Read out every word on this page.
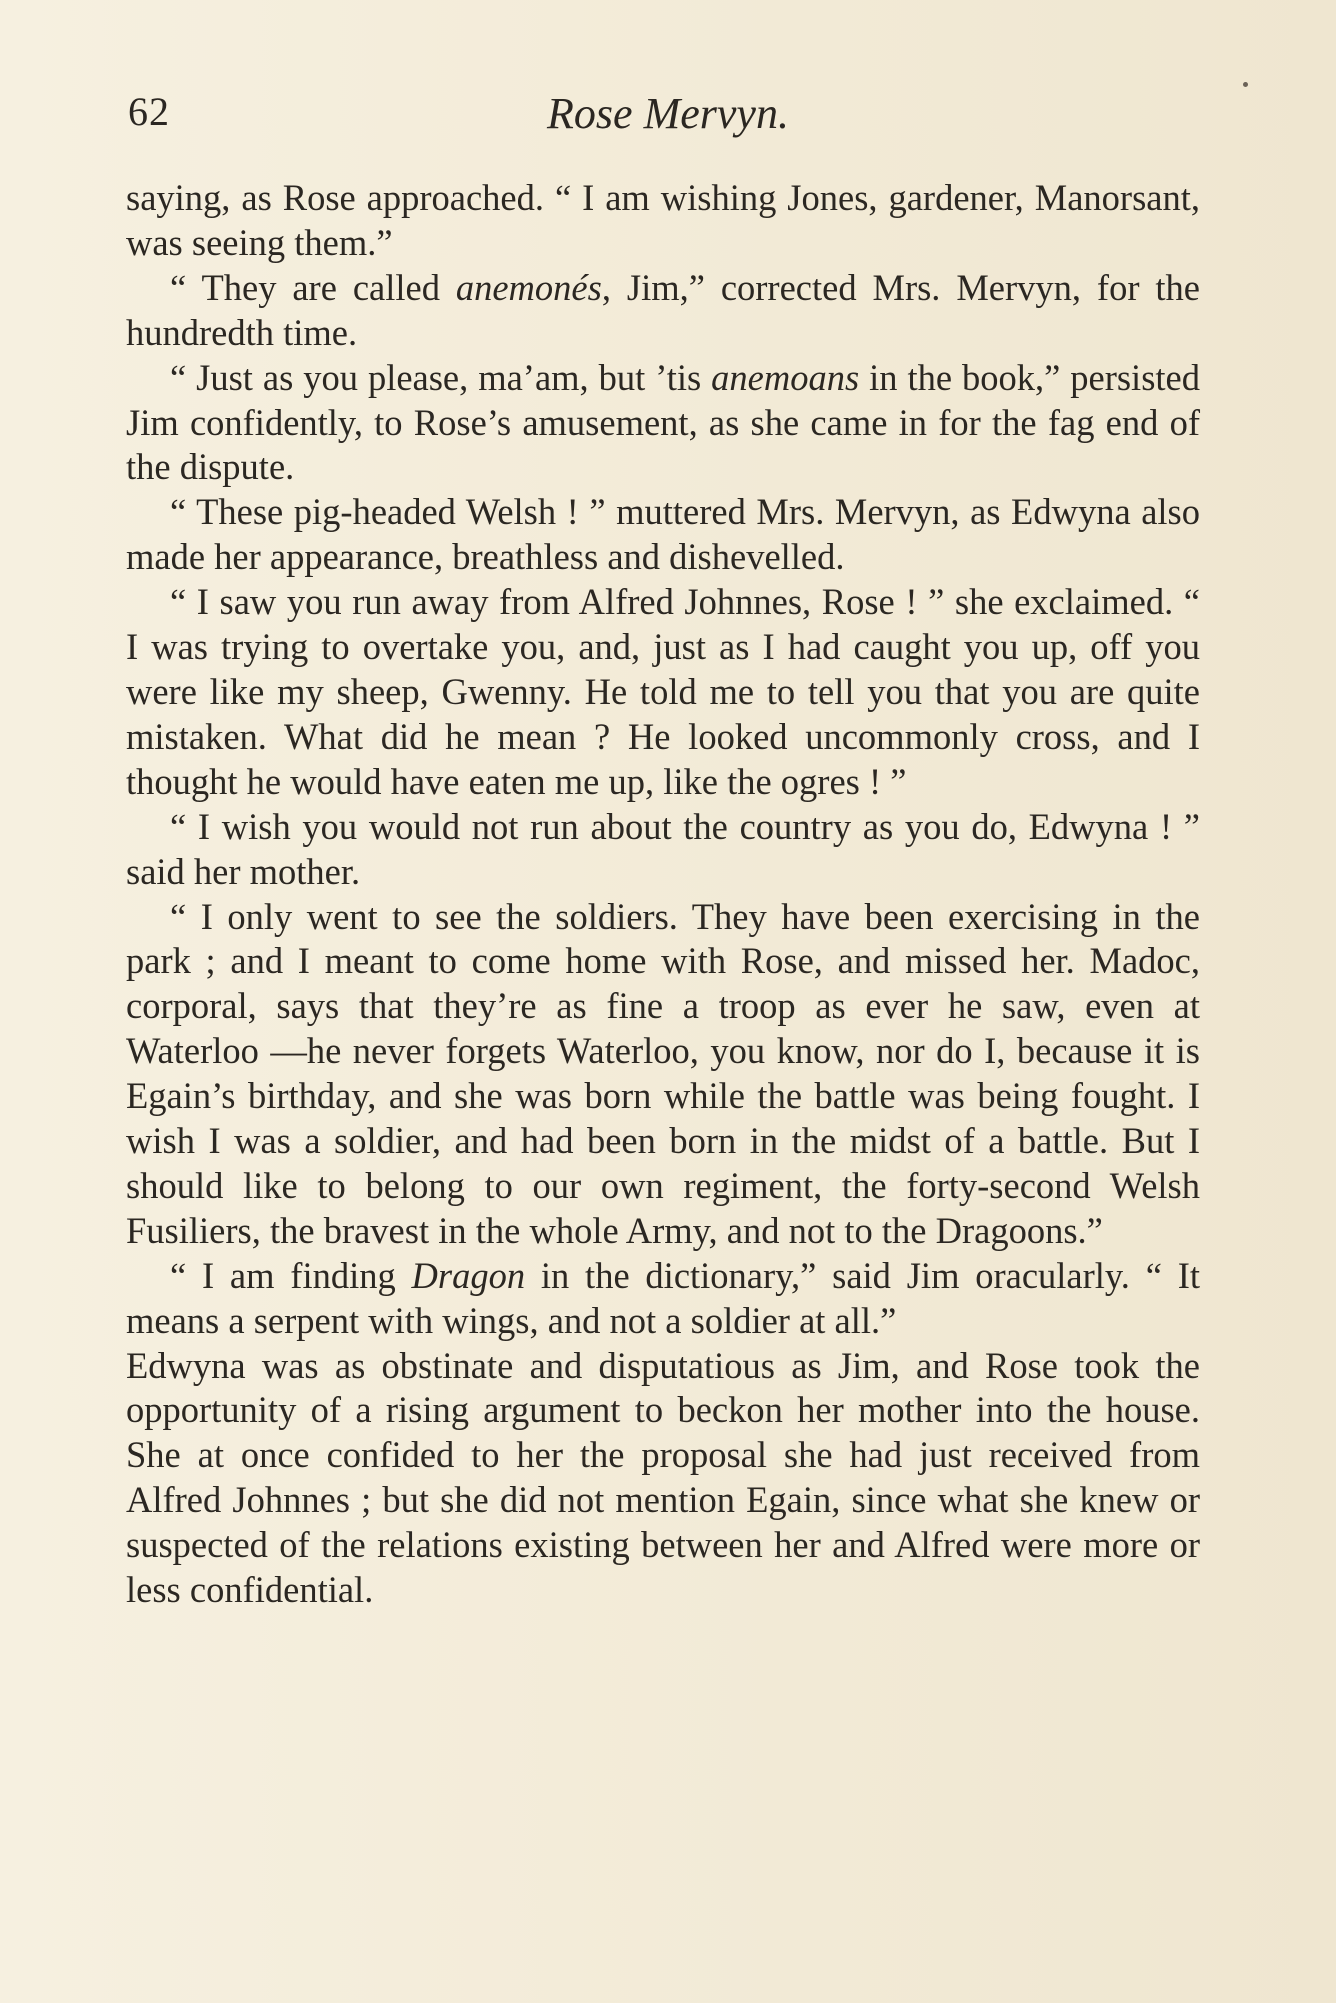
62	Rose Mervyn.

saying, as Rose approached. “ I am wishing Jones, gardener, Manorsant, was seeing them.”

“ They are called anemonés, Jim,” corrected Mrs. Mervyn, for the hundredth time.

“ Just as you please, ma’am, but ’tis anemoans in the book,” persisted Jim confidently, to Rose’s amusement, as she came in for the fag end of the dispute.

“ These pig-headed Welsh ! ” muttered Mrs. Mervyn, as Edwyna also made her appearance, breathless and dishevelled.

“ I saw you run away from Alfred Johnnes, Rose ! ” she exclaimed. “ I was trying to overtake you, and, just as I had caught you up, off you were like my sheep, Gwenny. He told me to tell you that you are quite mistaken. What did he mean ? He looked uncommonly cross, and I thought he would have eaten me up, like the ogres ! ”

“ I wish you would not run about the country as you do, Edwyna ! ” said her mother.

“ I only went to see the soldiers. They have been exercising in the park ; and I meant to come home with Rose, and missed her. Madoc, corporal, says that they’re as fine a troop as ever he saw, even at Waterloo —he never forgets Waterloo, you know, nor do I, because it is Egain’s birthday, and she was born while the battle was being fought. I wish I was a soldier, and had been born in the midst of a battle. But I should like to belong to our own regiment, the forty-second Welsh Fusiliers, the bravest in the whole Army, and not to the Dragoons.”

“ I am finding Dragon in the dictionary,” said Jim oracularly. “ It means a serpent with wings, and not a soldier at all.”

Edwyna was as obstinate and disputatious as Jim, and Rose took the opportunity of a rising argument to beckon her mother into the house. She at once confided to her the proposal she had just received from Alfred Johnnes ; but she did not mention Egain, since what she knew or suspected of the relations existing between her and Alfred were more or less confidential.
